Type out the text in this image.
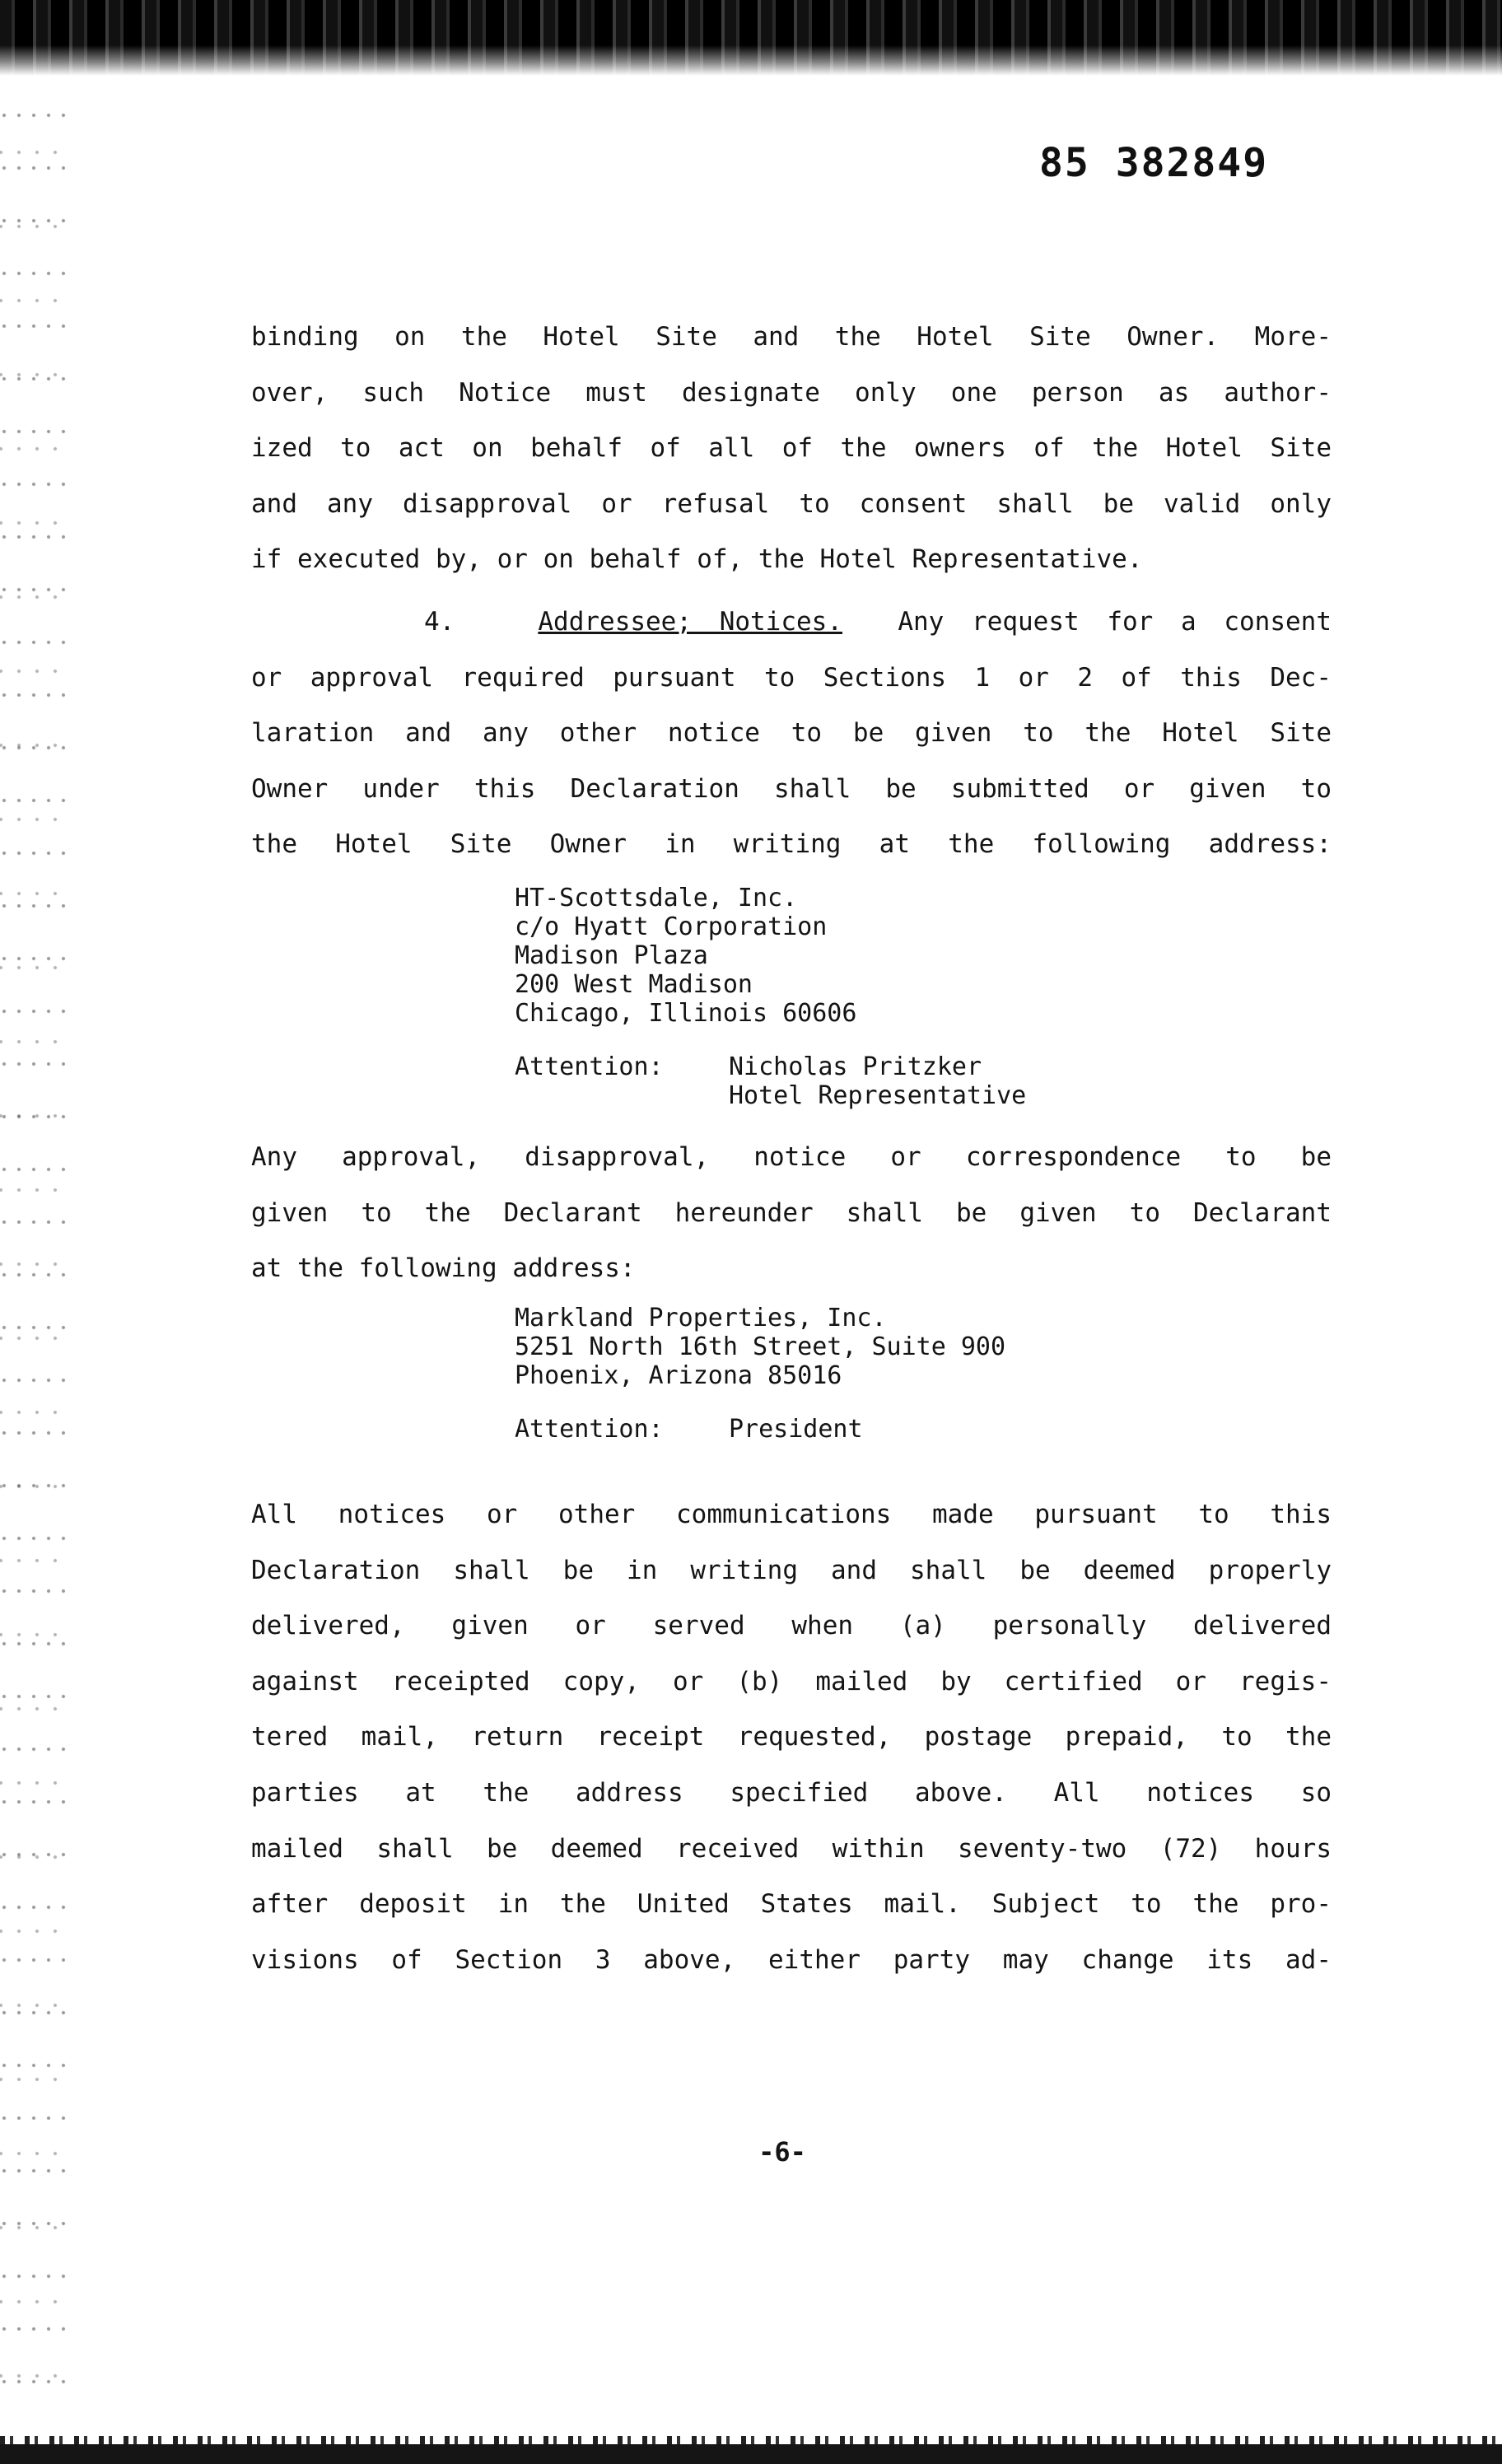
85 382849

binding on the Hotel Site and the Hotel Site Owner. More-
over, such Notice must designate only one person as author-
ized to act on behalf of all of the owners of the Hotel Site
and any disapproval or refusal to consent shall be valid only
if executed by, or on behalf of, the Hotel Representative.

4.	Addressee; Notices. Any request for a consent
or approval required pursuant to Sections 1 or 2 of this Dec-
laration and any other notice to be given to the Hotel Site
Owner under this Declaration shall be submitted or given to
the Hotel Site Owner in writing at the following address:

HT-Scottsdale, Inc.
c/o Hyatt Corporation
Madison Plaza
200 West Madison
Chicago, Illinois 60606
Attention:	Nicholas Pritzker
Hotel Representative

Any approval, disapproval, notice or correspondence to be
given to the Declarant hereunder shall be given to Declarant
at the following address:

Markland Properties, Inc.
5251 North 16th Street, Suite 900
Phoenix, Arizona 85016
Attention:	President

All notices or other communications made pursuant to this
Declaration shall be in writing and shall be deemed properly
delivered, given or served when (a) personally delivered
against receipted copy, or (b) mailed by certified or regis-
tered mail, return receipt requested, postage prepaid, to the
parties at the address specified above. All notices so
mailed shall be deemed received within seventy-two (72) hours
after deposit in the United States mail. Subject to the pro-
visions of Section 3 above, either party may change its ad-

-6-
